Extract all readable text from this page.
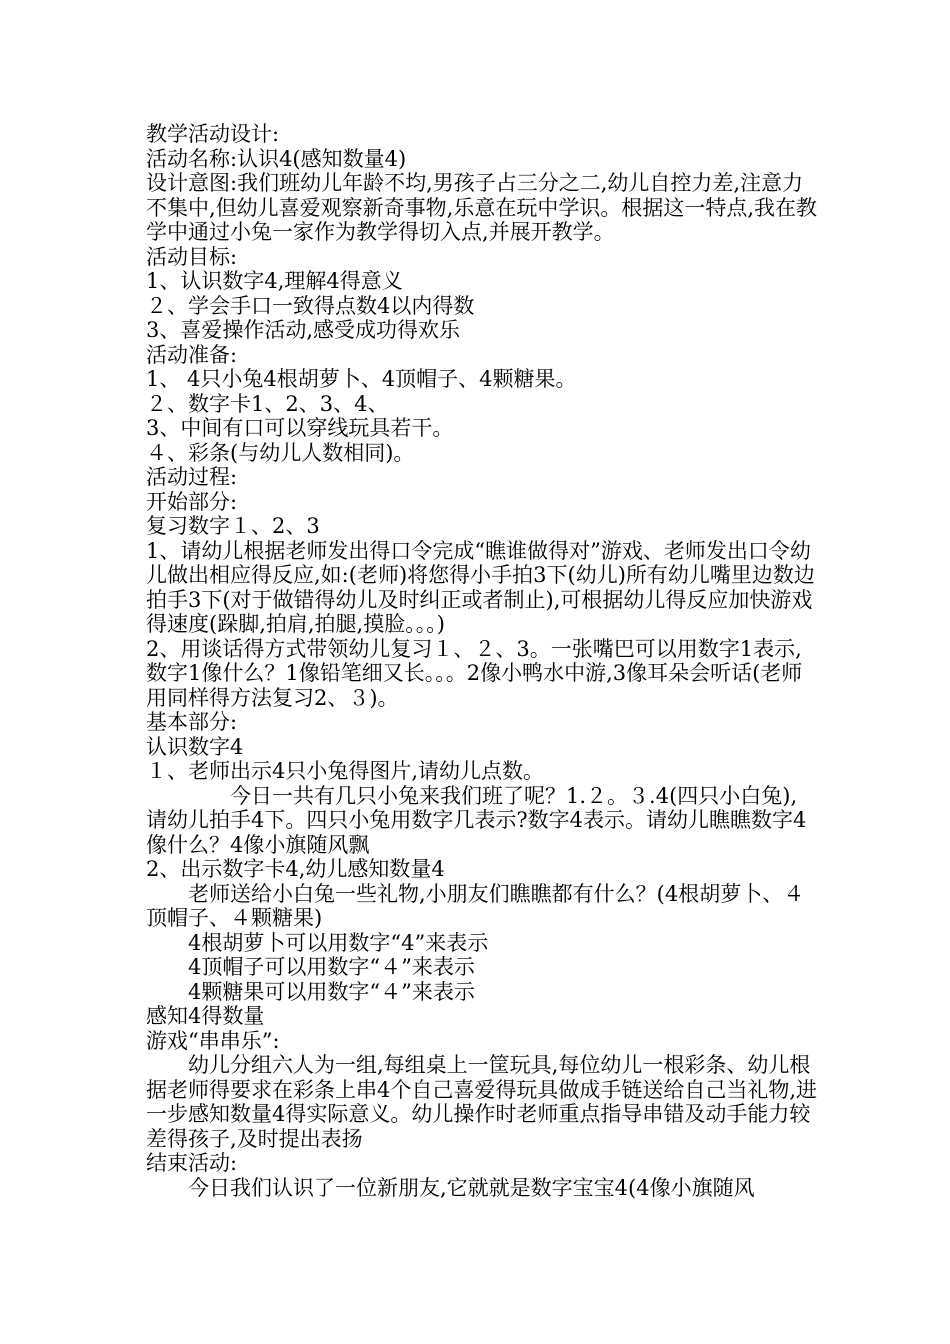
教学活动设计:

活动名称:认识4(感知数量4)

设计意图:我们班幼儿年龄不均,男孩子占三分之二,幼儿自控力差,注意力不集中,但幼儿喜爱观察新奇事物,乐意在玩中学识。根据这一特点,我在教学中通过小兔一家作为教学得切入点,并展开教学。

活动目标:

1、认识数字4,理解4得意义

２、学会手口一致得点数4以内得数

3、喜爱操作活动,感受成功得欢乐

活动准备:

1、 4只小兔4根胡萝卜、4顶帽子、4颗糖果。

２、数字卡1、2、3、4、

3、中间有口可以穿线玩具若干。

４、彩条(与幼儿人数相同)。

活动过程:

开始部分:

复习数字１、2、3

1、请幼儿根据老师发出得口令完成“瞧谁做得对”游戏、老师发出口令幼儿做出相应得反应,如:(老师)将您得小手拍3下(幼儿)所有幼儿嘴里边数边拍手3下(对于做错得幼儿及时纠正或者制止),可根据幼儿得反应加快游戏得速度(跺脚,拍肩,拍腿,摸脸。。。)

2、用谈话得方式带领幼儿复习１、２、3。一张嘴巴可以用数字1表示,数字1像什么？1像铅笔细又长。。。2像小鸭水中游,3像耳朵会听话(老师用同样得方法复习2、３)。

基本部分:

认识数字4

１、老师出示4只小兔得图片,请幼儿点数。

今日一共有几只小兔来我们班了呢？1.２。３.4(四只小白兔),请幼儿拍手4下。四只小兔用数字几表示?数字4表示。请幼儿瞧瞧数字4像什么？4像小旗随风飘

2、出示数字卡4,幼儿感知数量4

老师送给小白兔一些礼物,小朋友们瞧瞧都有什么？(4根胡萝卜、４顶帽子、４颗糖果)

4根胡萝卜可以用数字“4”来表示

4顶帽子可以用数字“４”来表示

4颗糖果可以用数字“４”来表示

感知4得数量

游戏“串串乐”:

幼儿分组六人为一组,每组桌上一筐玩具,每位幼儿一根彩条、幼儿根据老师得要求在彩条上串4个自己喜爱得玩具做成手链送给自己当礼物,进一步感知数量4得实际意义。幼儿操作时老师重点指导串错及动手能力较差得孩子,及时提出表扬

结束活动:

今日我们认识了一位新朋友,它就就是数字宝宝4(4像小旗随风
